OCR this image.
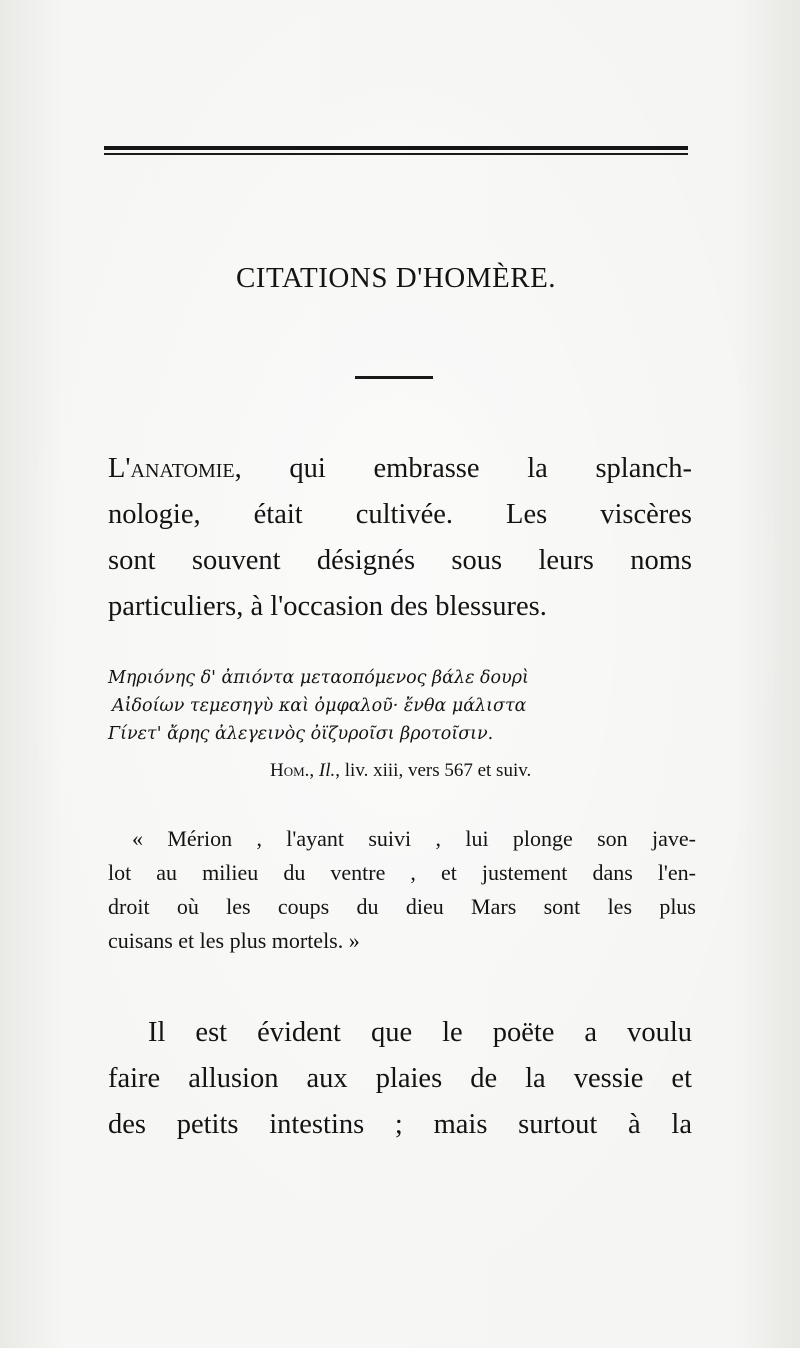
CITATIONS D'HOMÈRE.
L'anatomie, qui embrasse la splanch-
nologie, était cultivée. Les viscères
sont souvent désignés sous leurs noms
particuliers, à l'occasion des blessures.
Μηριόνης δ' ἀπιόντα μεταοπόμενος βάλε δουρὶ
Αἰδοίων τεμεσηγὺ καὶ ὀμφαλοῦ· ἔνθα μάλιστα
Γίνετ' ἄρης ἀλεγεινὸς ὀϊζυροῖσι βροτοῖσιν.
Hom., Il., liv. xiii, vers 567 et suiv.
« Mérion , l'ayant suivi , lui plonge son jave-
lot au milieu du ventre , et justement dans l'en-
droit où les coups du dieu Mars sont les plus
cuisans et les plus mortels. »
Il est évident que le poëte a voulu
faire allusion aux plaies de la vessie et
des petits intestins ; mais surtout à la
